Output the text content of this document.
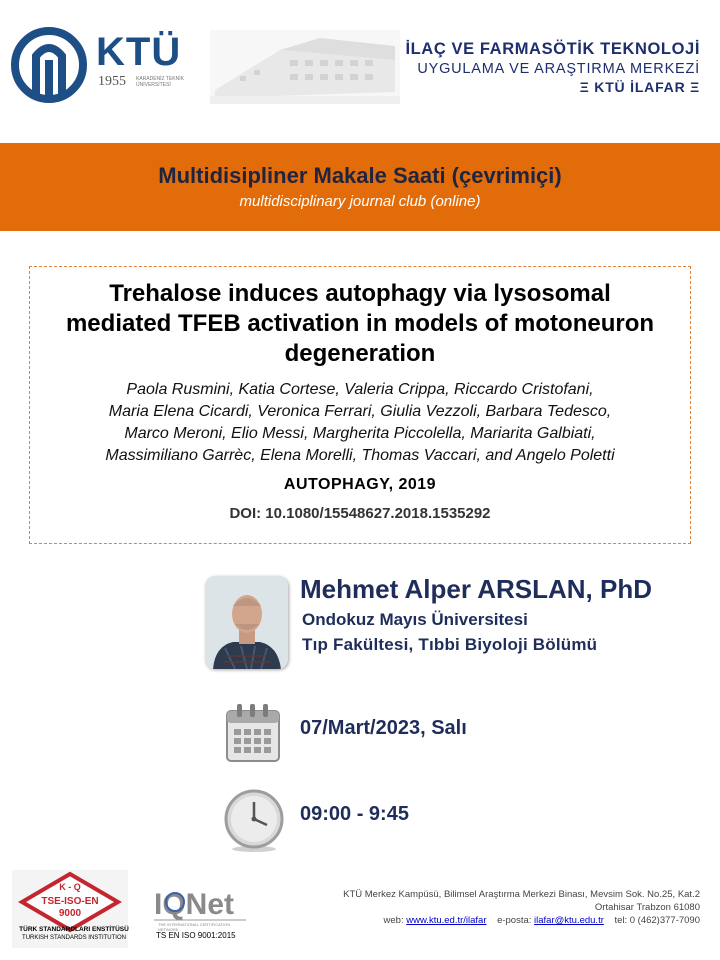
KTÜ
1955 KARADENİZ TEKNİK ÜNİVERSİTESİ
İLAÇ VE FARMASÖTİK TEKNOLOJİ
UYGULAMA VE ARAŞTIRMA MERKEZİ
Ξ KTÜ İLAFAR Ξ
Multidisipliner Makale Saati (çevrimiçi)
multidisciplinary journal club (online)
Trehalose induces autophagy via lysosomal mediated TFEB activation in models of motoneuron degeneration
Paola Rusmini, Katia Cortese, Valeria Crippa, Riccardo Cristofani,
Maria Elena Cicardi, Veronica Ferrari, Giulia Vezzoli, Barbara Tedesco,
Marco Meroni, Elio Messi, Margherita Piccolella, Mariarita Galbiati,
Massimiliano Garrèc, Elena Morelli, Thomas Vaccari, and Angelo Poletti
AUTOPHAGY, 2019
DOI: 10.1080/15548627.2018.1535292
Mehmet Alper ARSLAN, PhD
Ondokuz Mayıs Üniversitesi
Tıp Fakültesi, Tıbbi Biyoloji Bölümü
07/Mart/2023, Salı
09:00 - 9:45
K - Q
TSE-ISO-EN
9000
TÜRK STANDARDLARI ENSTİTÜSÜ
TURKISH STANDARDS INSTITUTION
IQNet
THE INTERNATIONAL CERTIFICATION NETWORK
TS EN ISO 9001:2015
KTÜ Merkez Kampüsü, Bilimsel Araştırma Merkezi Binası, Mevsim Sok. No.25, Kat.2
Ortahisar Trabzon 61080
web: www.ktu.ed.tr/ilafar e-posta: ilafar@ktu.edu.tr tel: 0 (462)377-7090
